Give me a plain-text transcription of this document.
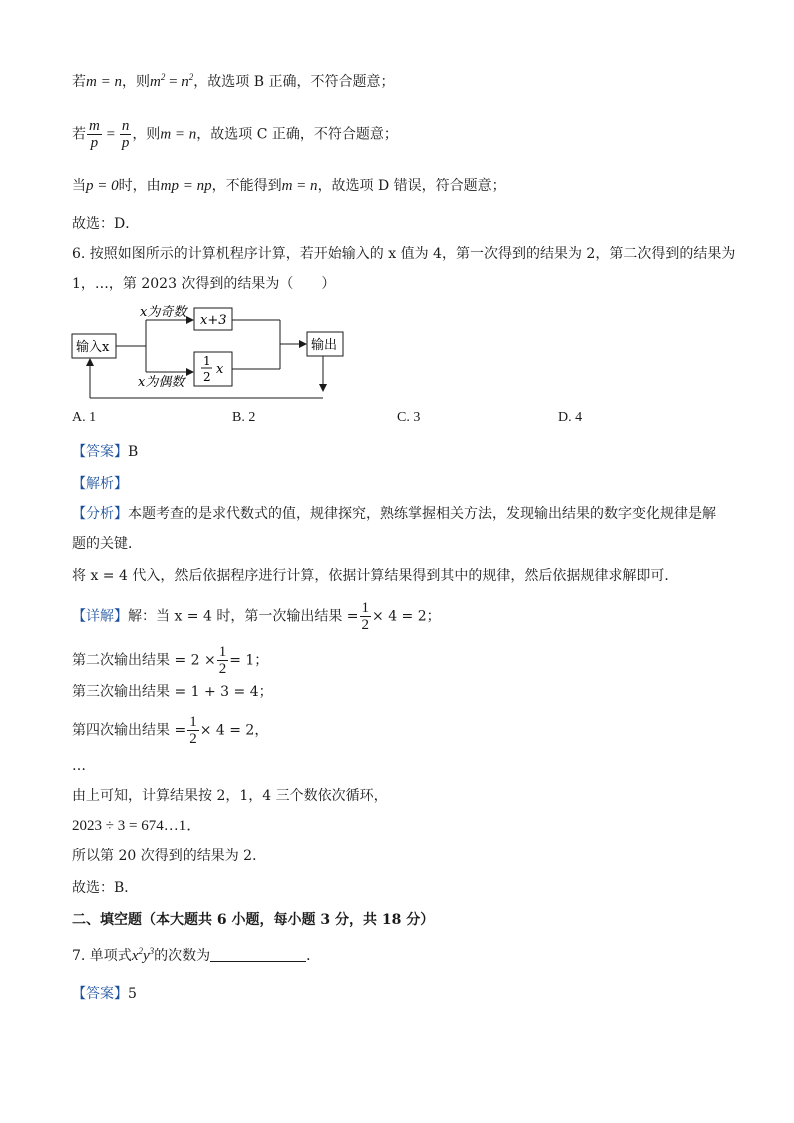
若m = n，则$m^2 = n^2$，故选项 B 正确，不符合题意；
若 $\frac{m}{p} = \frac{n}{p}$ ，则m = n，故选项 C 正确，不符合题意；
当p = 0时，由mp = np，不能得到m = n，故选项 D 错误，符合题意；
故选：D．
6. 按照如图所示的计算机程序计算，若开始输入的 x 值为 4，第一次得到的结果为 2，第二次得到的结果为
1，…，第 2023 次得到的结果为（　　）
输入x
x为奇数
x为偶数
x+3
1
2 x
输出
A. 1	B. 2	C. 3	D. 4
【答案】B
【解析】
【分析】本题考查的是求代数式的值，规律探究，熟练掌握相关方法，发现输出结果的数字变化规律是解
题的关键．
将 x = 4 代入，然后依据程序进行计算，依据计算结果得到其中的规律，然后依据规律求解即可．
【详解】解：当 x = 4 时，第一次输出结果 = $\frac{1}{2} \times 4 = 2$；
第二次输出结果 = $2 \times \frac{1}{2} = 1$；
第三次输出结果 = 1 + 3 = 4；
第四次输出结果 = $\frac{1}{2} \times 4 = 2$，
…
由上可知，计算结果按 2，1，4 三个数依次循环，
2023 ÷ 3 = 674…1．
所以第 20 次得到的结果为 2．
故选：B．
二、填空题（本大题共 6 小题，每小题 3 分，共 18 分）
7. 单项式$x^2y^3$的次数为	．
【答案】5
